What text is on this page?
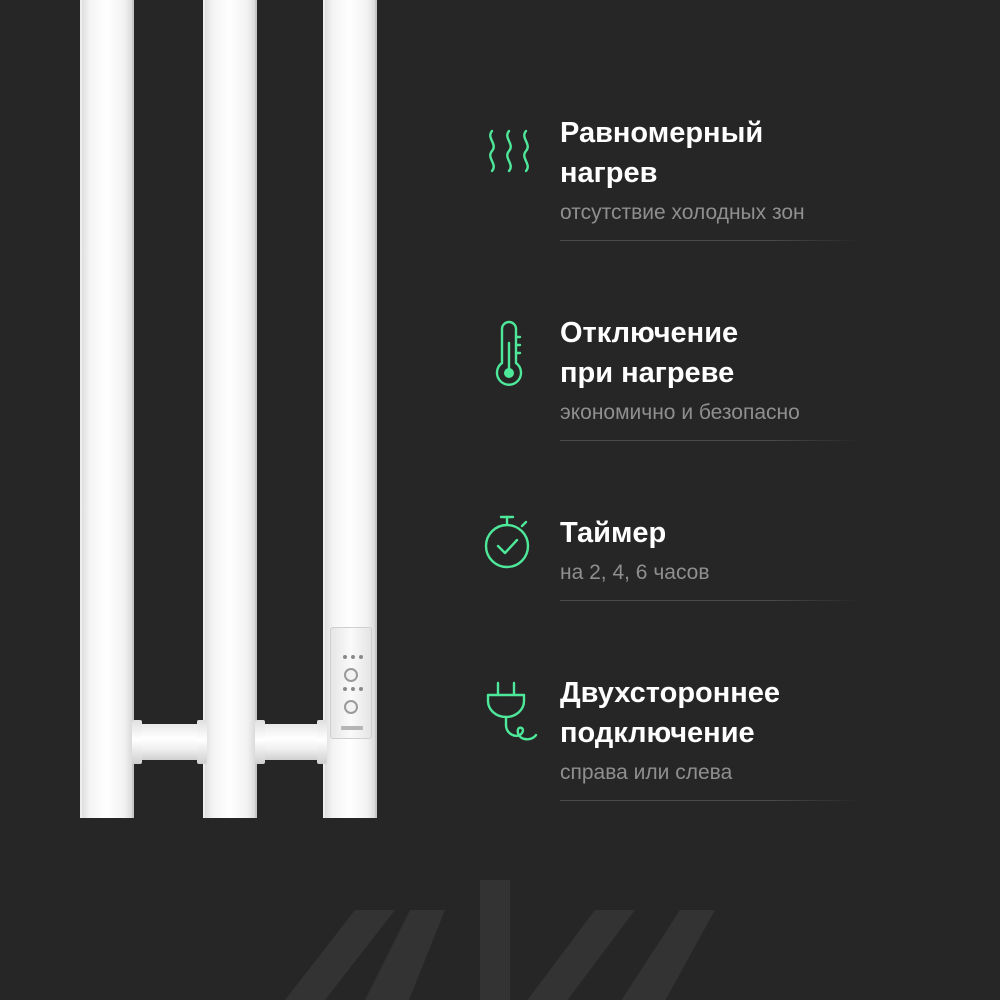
Равномерный
нагрев

отсутствие холодных зон

Отключение
при нагреве

экономично и безопасно

Таймер

на 2, 4, 6 часов

Двухстороннее
подключение

справа или слева
